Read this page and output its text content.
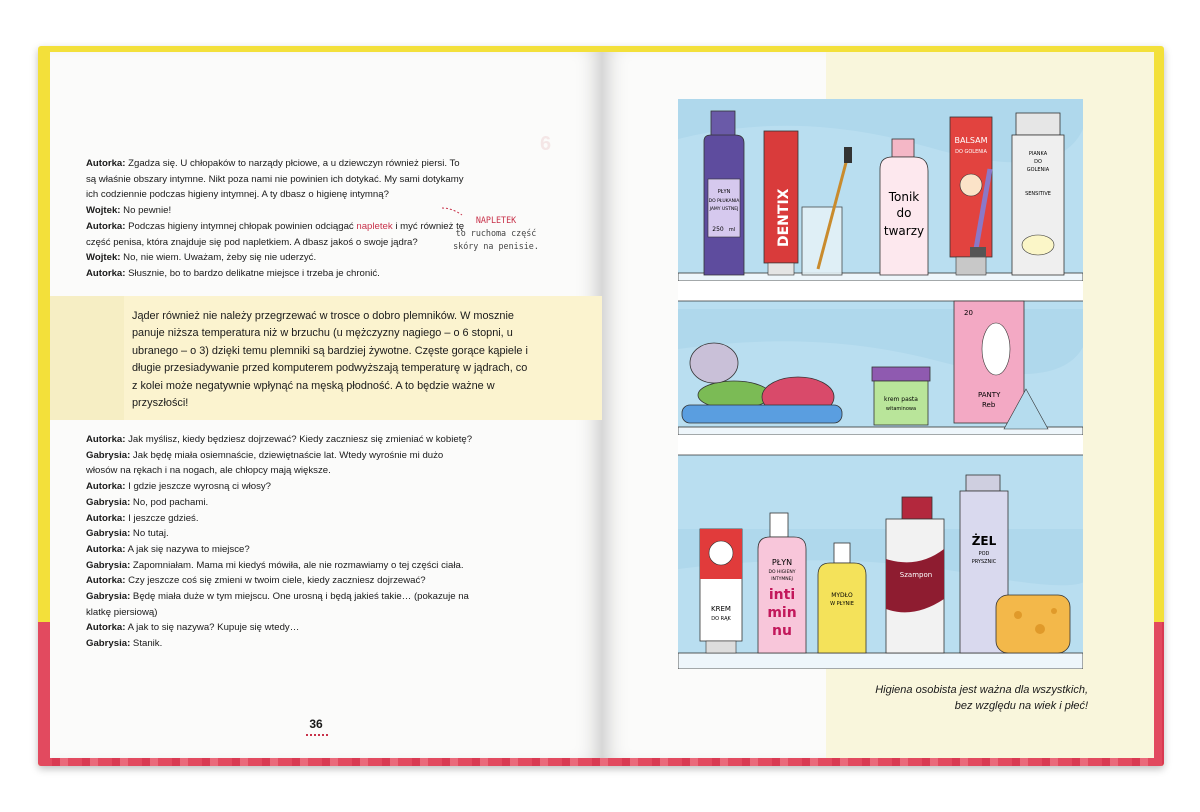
6
Autorka: Zgadza się. U chłopaków to narządy płciowe, a u dziewczyn również piersi. To są właśnie obszary intymne. Nikt poza nami nie powinien ich dotykać. My sami dotykamy ich codziennie podczas higieny intymnej. A ty dbasz o higienę intymną?
Wojtek: No pewnie!
Autorka: Podczas higieny intymnej chłopak powinien odciągać napletek i myć również tę część penisa, która znajduje się pod napletkiem. A dbasz jakoś o swoje jądra?
Wojtek: No, nie wiem. Uważam, żeby się nie uderzyć.
Autorka: Słusznie, bo to bardzo delikatne miejsce i trzeba je chronić.
NAPLETEK
to ruchoma część
skóry na penisie.

Jąder również nie należy przegrzewać w trosce o dobro plemników. W mosznie panuje niższa temperatura niż w brzuchu (u mężczyzny nagiego – o 6 stopni, u ubranego – o 3) dzięki temu plemniki są bardziej żywotne. Częste gorące kąpiele i długie przesiadywanie przed komputerem podwyższają temperaturę w jądrach, co z kolei może negatywnie wpłynąć na męską płodność. A to będzie ważne w przyszłości!

Autorka: Jak myślisz, kiedy będziesz dojrzewać? Kiedy zaczniesz się zmieniać w kobietę?
Gabrysia: Jak będę miała osiemnaście, dziewiętnaście lat. Wtedy wyrośnie mi dużo włosów na rękach i na nogach, ale chłopcy mają większe.
Autorka: I gdzie jeszcze wyrosną ci włosy?
Gabrysia: No, pod pachami.
Autorka: I jeszcze gdzieś.
Gabrysia: No tutaj.
Autorka: A jak się nazywa to miejsce?
Gabrysia: Zapomniałam. Mama mi kiedyś mówiła, ale nie rozmawiamy o tej części ciała.
Autorka: Czy jeszcze coś się zmieni w twoim ciele, kiedy zaczniesz dojrzewać?
Gabrysia: Będę miała duże w tym miejscu. One urosną i będą jakieś takie… (pokazuje na klatkę piersiową)
Autorka: A jak to się nazywa? Kupuje się wtedy…
Gabrysia: Stanik.
36
PŁYN
DO PŁUKANIA
JAMY USTNEJ
250 ml	DENTIX	Tonik
do
twarzy
BALSAM
DO GOLENIA	PIANKA
DO
GOLENIA
SENSITIVE
krem pasta
witaminowa
20
PANTY
Reb
KREM
DO RĄK
PŁYN
DO HIGIENY
INTYMNEJ
inti
min
nu
MYDŁO
W PŁYNIE
Szampon
ŻEL
POD
PRYSZNIC

Higiena osobista jest ważna dla wszystkich,
bez względu na wiek i płeć!
